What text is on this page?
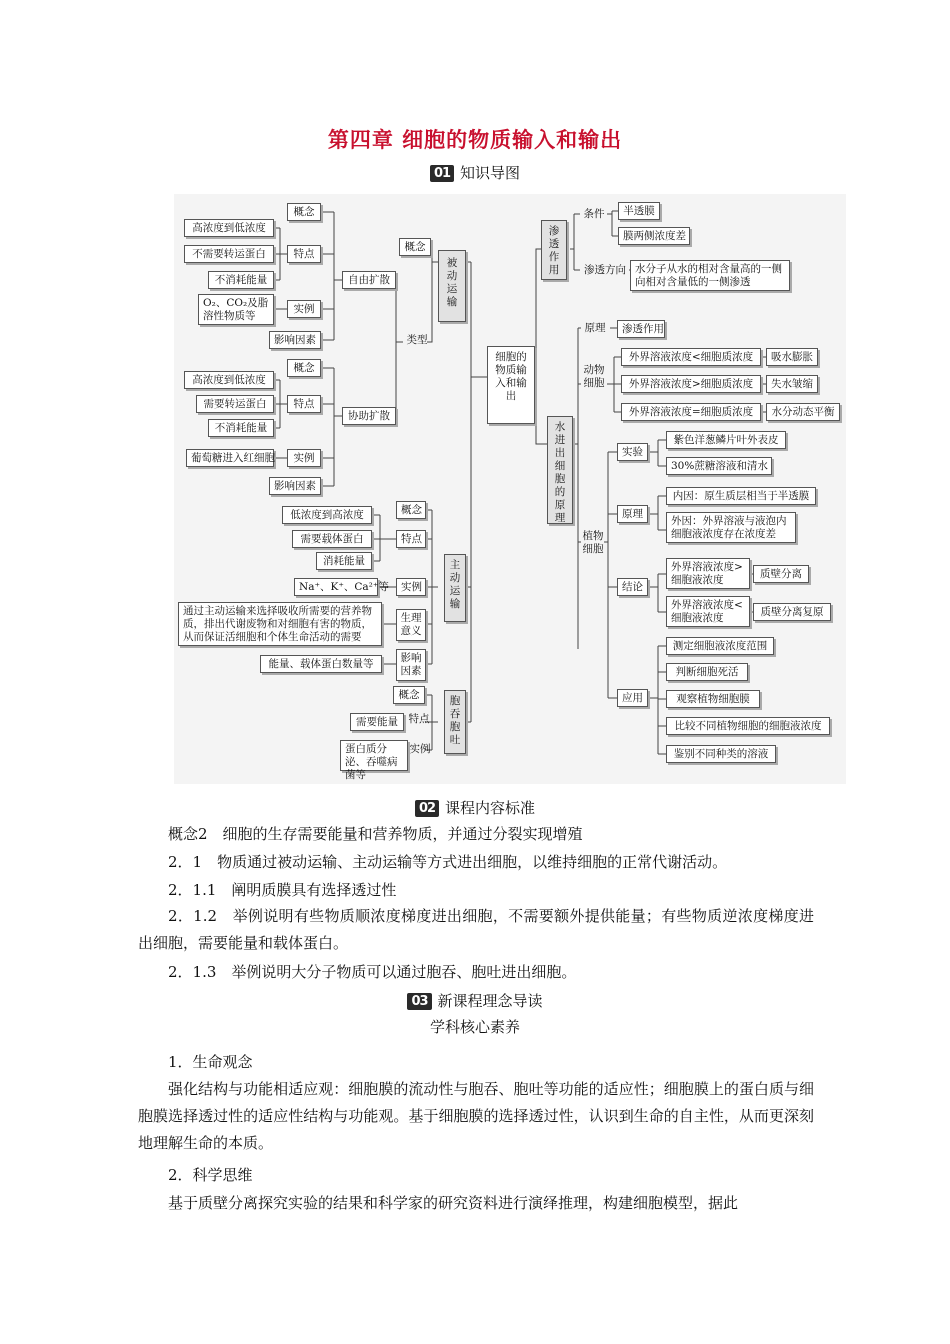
第四章 细胞的物质输入和输出
01 知识导图
细胞的物质输入和输出
被动运输
概念
类型
自由扩散
概念
特点
高浓度到低浓度
不需要转运蛋白
不消耗能量
实例
O₂、CO₂及脂溶性物质等
影响因素
协助扩散
概念
特点
高浓度到低浓度
需要转运蛋白
不消耗能量
实例
葡萄糖进入红细胞
影响因素
主动运输
概念
特点
低浓度到高浓度
需要载体蛋白
消耗能量
实例
Na⁺、K⁺、Ca²⁺等
生理意义
通过主动运输来选择吸收所需要的营养物质，排出代谢废物和对细胞有害的物质，从而保证活细胞和个体生命活动的需要
影响因素
能量、载体蛋白数量等
胞吞胞吐
概念
特点
需要能量
实例
蛋白质分泌、吞噬病菌等
渗透作用
条件	半透膜
膜两侧浓度差
渗透方向 水分子从水的相对含量高的一侧向相对含量低的一侧渗透
水进出细胞的原理
原理	渗透作用
动物细胞
外界溶液浓度<细胞质浓度	吸水膨胀
外界溶液浓度>细胞质浓度	失水皱缩
外界溶液浓度=细胞质浓度	水分动态平衡
植物细胞
实验
紫色洋葱鳞片叶外表皮
30%蔗糖溶液和清水
原理
内因：原生质层相当于半透膜
外因：外界溶液与液泡内细胞液浓度存在浓度差
结论
外界溶液浓度>细胞液浓度	质壁分离
外界溶液浓度<细胞液浓度	质壁分离复原
应用
测定细胞液浓度范围
判断细胞死活
观察植物细胞膜
比较不同植物细胞的细胞液浓度
鉴别不同种类的溶液
02 课程内容标准
概念2　细胞的生存需要能量和营养物质，并通过分裂实现增殖
2．1　物质通过被动运输、主动运输等方式进出细胞，以维持细胞的正常代谢活动。
2．1.1　阐明质膜具有选择透过性
2．1.2　举例说明有些物质顺浓度梯度进出细胞，不需要额外提供能量；有些物质逆浓度梯度进出细胞，需要能量和载体蛋白。
2．1.3　举例说明大分子物质可以通过胞吞、胞吐进出细胞。
03 新课程理念导读
学科核心素养
1．生命观念
强化结构与功能相适应观：细胞膜的流动性与胞吞、胞吐等功能的适应性；细胞膜上的蛋白质与细胞膜选择透过性的适应性结构与功能观。基于细胞膜的选择透过性，认识到生命的自主性，从而更深刻地理解生命的本质。
2．科学思维
基于质壁分离探究实验的结果和科学家的研究资料进行演绎推理，构建细胞模型，据此
